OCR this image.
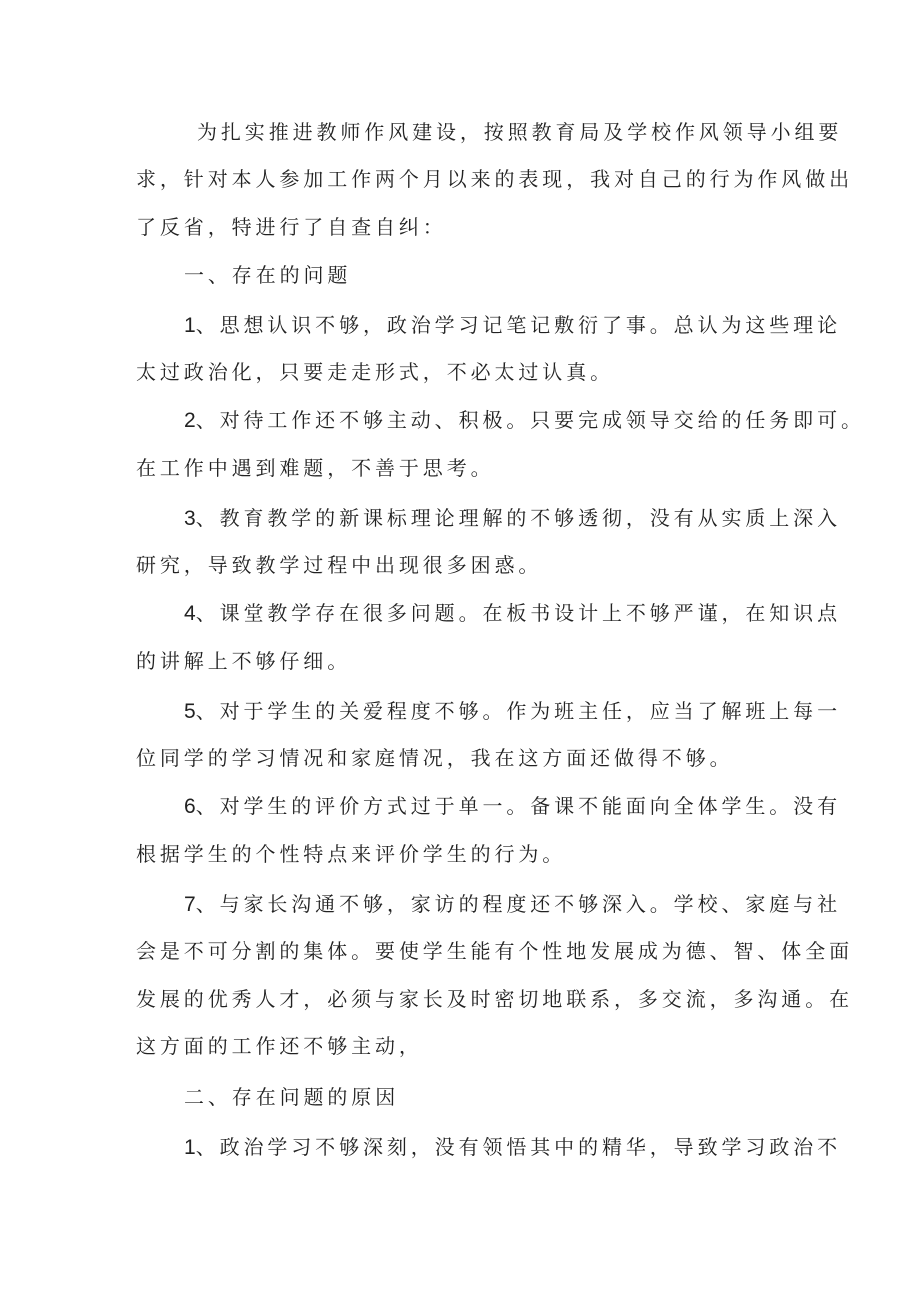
为扎实推进教师作风建设，按照教育局及学校作风领导小组要

求，针对本人参加工作两个月以来的表现，我对自己的行为作风做出

了反省，特进行了自查自纠：

一、存在的问题

1、思想认识不够，政治学习记笔记敷衍了事。总认为这些理论

太过政治化，只要走走形式，不必太过认真。

2、对待工作还不够主动、积极。只要完成领导交给的任务即可。

在工作中遇到难题，不善于思考。

3、教育教学的新课标理论理解的不够透彻，没有从实质上深入

研究，导致教学过程中出现很多困惑。

4、课堂教学存在很多问题。在板书设计上不够严谨，在知识点

的讲解上不够仔细。

5、对于学生的关爱程度不够。作为班主任，应当了解班上每一

位同学的学习情况和家庭情况，我在这方面还做得不够。

6、对学生的评价方式过于单一。备课不能面向全体学生。没有

根据学生的个性特点来评价学生的行为。

7、与家长沟通不够，家访的程度还不够深入。学校、家庭与社

会是不可分割的集体。要使学生能有个性地发展成为德、智、体全面

发展的优秀人才，必须与家长及时密切地联系，多交流，多沟通。在

这方面的工作还不够主动，

二、存在问题的原因

1、政治学习不够深刻，没有领悟其中的精华，导致学习政治不
